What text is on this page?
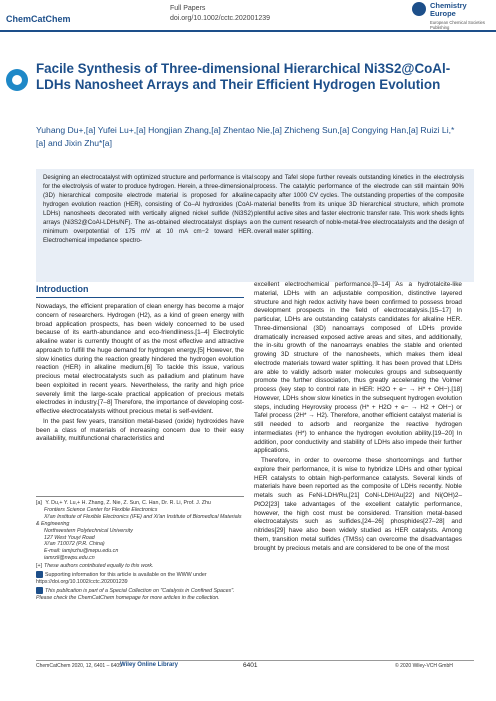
ChemCatChem
Full Papers
doi.org/10.1002/cctc.202001239
Chemistry Europe
European Chemical Societies Publishing
Facile Synthesis of Three-dimensional Hierarchical Ni3S2@CoAl-LDHs Nanosheet Arrays and Their Efficient Hydrogen Evolution
Yuhang Du+,[a] Yufei Lu+,[a] Hongjian Zhang,[a] Zhentao Nie,[a] Zhicheng Sun,[a] Congying Han,[a] Ruizi Li,*[a] and Jixin Zhu*[a]
Designing an electrocatalyst with optimized structure and performance is vital for the electrolysis of water to produce hydrogen. Herein, a three-dimensional (3D) hierarchical composite electrode material is proposed for alkaline hydrogen evolution reaction (HER), consisting of Co–Al hydroxides (CoAl-LDHs) nanosheets decorated with vertically aligned nickel sulfide (Ni3S2) arrays (Ni3S2@CoAl-LDHs/NF). The as-obtained electrocatalyst displays a minimum overpotential of 175 mV at 10 mA cm−2 toward HER. Electrochemical impedance spectro-
scopy and Tafel slope further reveals outstanding kinetics in the electrolysis process. The catalytic performance of the electrode can still maintain 90% capacity after 1000 CV cycles. The outstanding properties of the composite material benefits from its unique 3D hierarchical structure, which promote plentiful active sites and faster electronic transfer rate. This work sheds lights on the current research of noble-metal-free electrocatalysts and the design of overall water splitting.
Introduction

Nowadays, the efficient preparation of clean energy has become a major concern of researchers. Hydrogen (H2), as a kind of green energy with broad application prospects, has been widely concerned to be used because of its earth-abundance and eco-friendliness.[1–4] Electrolytic alkaline water is currently thought of as the most effective and attractive approach to fulfill the huge demand for hydrogen energy.[5] However, the slow kinetics during the reaction greatly hindered the hydrogen evolution reaction (HER) in alkaline medium.[6] To tackle this issue, various precious metal electrocatalysts such as palladium and platinum have been exploited in recent years. Nevertheless, the rarity and high price severely limit the large-scale practical application of precious metals electrodes in industry.[7–8] Therefore, the importance of developing cost-effective electrocatalysts without precious metal is self-evident.

In the past few years, transition metal-based (oxide) hydroxides have been a class of materials of increasing concern due to their easy availability, multifunctional characteristics and

excellent electrochemical performance.[9–14] As a hydrotalcite-like material, LDHs with an adjustable composition, distinctive layered structure and high redox activity have been confirmed to possess broad development prospects in the field of electrocatalysis.[15–17] In particular, LDHs are outstanding catalysts candidates for alkaline HER. Three-dimensional (3D) nanoarrays composed of LDHs provide dramatically increased exposed active areas and sites, and additionally, the in-situ growth of the nanoarrays enables the stable and oriented growing 3D structure of the nanosheets, which makes them ideal electrode materials toward water splitting. It has been proved that LDHs are able to validly adsorb water molecules groups and subsequently promote the further dissociation, thus greatly accelerating the Volmer process (key step to control rate in HER: H2O + e− → H* + OH−).[18] However, LDHs show slow kinetics in the subsequent hydrogen evolution steps, including Heyrovsky process (H* + H2O + e− → H2 + OH−) or Tafel process (2H* → H2). Therefore, another efficient catalyst material is still needed to adsorb and reorganize the reactive hydrogen intermediates (H*) to enhance the hydrogen evolution ability.[19–20] In addition, poor conductivity and stability of LDHs also impede their further applications.

Therefore, in order to overcome these shortcomings and further explore their performance, it is wise to hybridize LDHs and other typical HER catalysts to obtain high-performance catalysts. Several kinds of materials have been reported as the composite of LDHs recently. Noble metals such as FeNi-LDH/Ru,[21] CoNi-LDH/Au[22] and Ni(OH)2–PtO2[23] take advantages of the excellent catalytic performance, however, the high cost must be considered. Transition metal-based electrocatalysts such as sulfides,[24–26] phosphides[27–28] and nitrides[29] have also been widely studied as HER catalysts. Among them, transition metal sulfides (TMSs) can overcome the disadvantages brought by precious metals and are considered to be one of the most

[a] Y. Du,+ Y. Lu,+ H. Zhang, Z. Nie, Z. Sun, C. Han, Dr. R. Li, Prof. J. Zhu
Frontiers Science Center for Flexible Electronics
Xi'an Institute of Flexible Electronics (IFE) and Xi'an Institute of Biomedical Materials & Engineering
Northwestern Polytechnical University
127 West Youyi Road
Xi'an 710072 (P.R. China)
E-mail: iamjxzhu@nwpu.edu.cn
iamrzli@nwpu.edu.cn
[+] These authors contributed equally to this work.
Supporting information for this article is available on the WWW under https://doi.org/10.1002/cctc.202001239
This publication is part of a Special Collection on "Catalysis in Confined Spaces". Please check the ChemCatChem homepage for more articles in the collection.
ChemCatChem 2020, 12, 6401 – 6409
Wiley Online Library	6401	© 2020 Wiley-VCH GmbH
